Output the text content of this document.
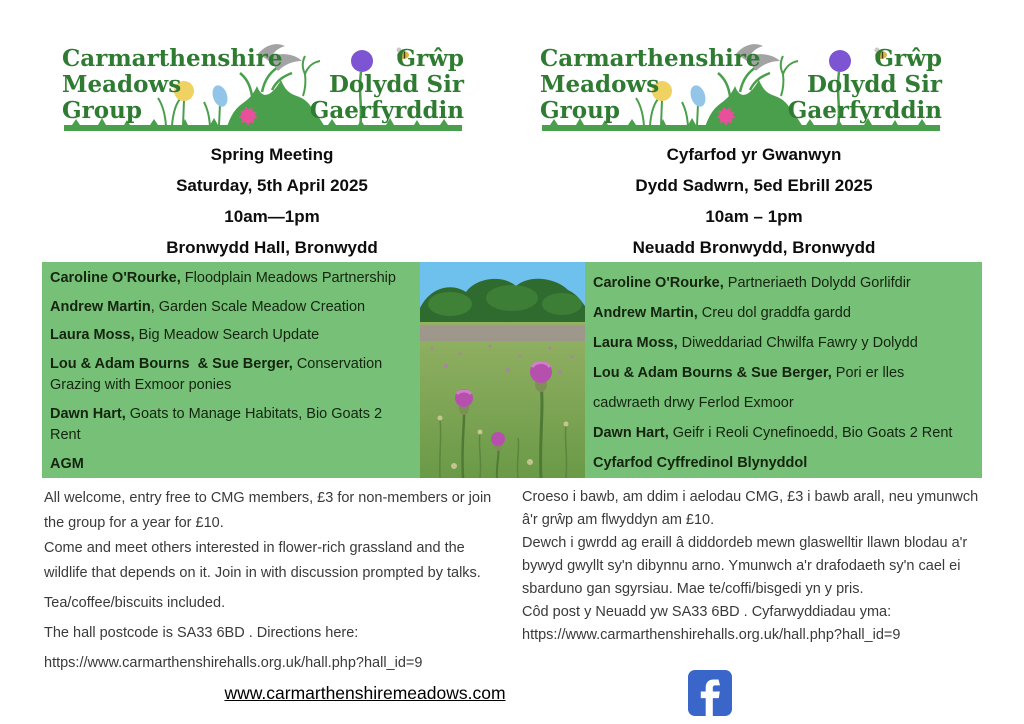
Carmarthenshire
Meadows
Group
Grŵp
Dolydd Sir
Gaerfyrddin
Carmarthenshire
Meadows
Group
Grŵp
Dolydd Sir
Gaerfyrddin
Spring Meeting
Saturday, 5th April 2025
10am—1pm
Bronwydd Hall, Bronwydd
Cyfarfod yr Gwanwyn
Dydd Sadwrn, 5ed Ebrill 2025
10am – 1pm
Neuadd Bronwydd, Bronwydd
Caroline O'Rourke, Floodplain Meadows Partnership
Andrew Martin, Garden Scale Meadow Creation
Laura Moss, Big Meadow Search Update
Lou & Adam Bourns  & Sue Berger, Conservation Grazing with Exmoor ponies
Dawn Hart, Goats to Manage Habitats, Bio Goats 2 Rent
AGM
Caroline O'Rourke, Partneriaeth Dolydd Gorlifdir
Andrew Martin, Creu dol graddfa gardd
Laura Moss, Diweddariad Chwilfa Fawry y Dolydd
Lou & Adam Bourns & Sue Berger, Pori er lles cadwraeth drwy Ferlod Exmoor
Dawn Hart, Geifr i Reoli Cynefinoedd, Bio Goats 2 Rent
Cyfarfod Cyffredinol Blynyddol

All welcome, entry free to CMG members, £3 for non-members or join the group for a year for £10.

Come and meet others interested in flower-rich grassland and the wildlife that depends on it. Join in with discussion prompted by talks.

Tea/coffee/biscuits included.

The hall postcode is SA33 6BD . Directions here:

https://www.carmarthenshirehalls.org.uk/hall.php?hall_id=9

Croeso i bawb, am ddim i aelodau CMG, £3 i bawb arall, neu ymunwch â'r grŵp am flwyddyn am £10.

Dewch i gwrdd ag eraill â diddordeb mewn glaswelltir llawn blodau a'r bywyd gwyllt sy'n dibynnu arno. Ymunwch a'r drafodaeth sy'n cael ei sbarduno gan sgyrsiau. Mae te/coffi/bisgedi yn y pris.

Côd post y Neuadd yw SA33 6BD . Cyfarwyddiadau yma:

https://www.carmarthenshirehalls.org.uk/hall.php?hall_id=9

www.carmarthenshiremeadows.com
